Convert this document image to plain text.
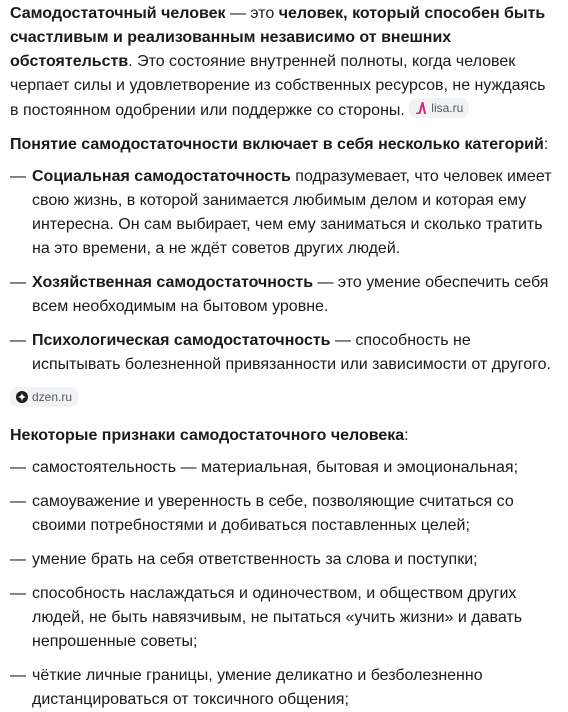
Самодостаточный человек — это человек, который способен быть счастливым и реализованным независимо от внешних обстоятельств. Это состояние внутренней полноты, когда человек черпает силы и удовлетворение из собственных ресурсов, не нуждаясь в постоянном одобрении или поддержке со стороны. lisa.ru

Понятие самодостаточности включает в себя несколько категорий:

— Социальная самодостаточность подразумевает, что человек имеет свою жизнь, в которой занимается любимым делом и которая ему интересна. Он сам выбирает, чем ему заниматься и сколько тратить на это времени, а не ждёт советов других людей.
— Хозяйственная самодостаточность — это умение обеспечить себя всем необходимым на бытовом уровне.
— Психологическая самодостаточность — способность не испытывать болезненной привязанности или зависимости от другого.
dzen.ru

Некоторые признаки самодостаточного человека:

— самостоятельность — материальная, бытовая и эмоциональная;
— самоуважение и уверенность в себе, позволяющие считаться со своими потребностями и добиваться поставленных целей;
— умение брать на себя ответственность за слова и поступки;
— способность наслаждаться и одиночеством, и обществом других людей, не быть навязчивым, не пытаться «учить жизни» и давать непрошенные советы;
— чёткие личные границы, умение деликатно и безболезненно дистанцироваться от токсичного общения;
